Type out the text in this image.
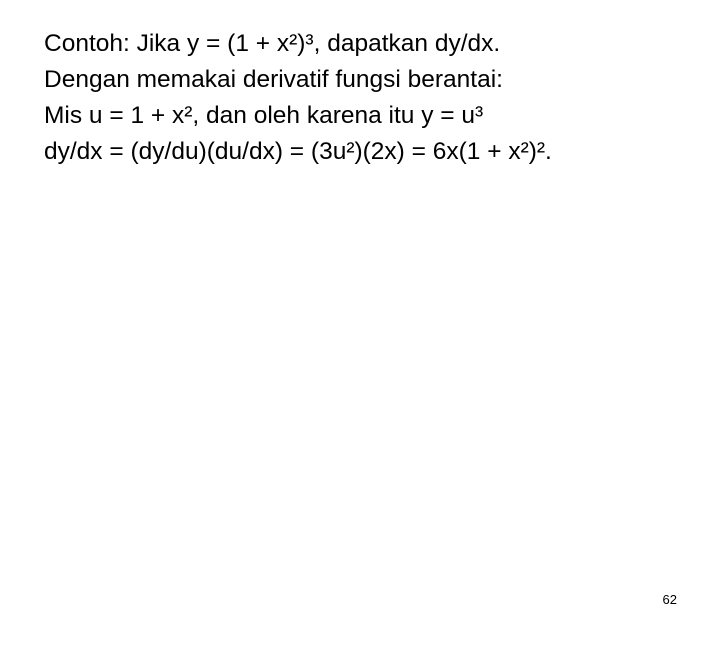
Contoh: Jika y = (1 + x²)³, dapatkan dy/dx.
Dengan memakai derivatif fungsi berantai:
Mis u = 1 + x², dan oleh karena itu y = u³
dy/dx = (dy/du)(du/dx) = (3u²)(2x) = 6x(1 + x²)².
62
